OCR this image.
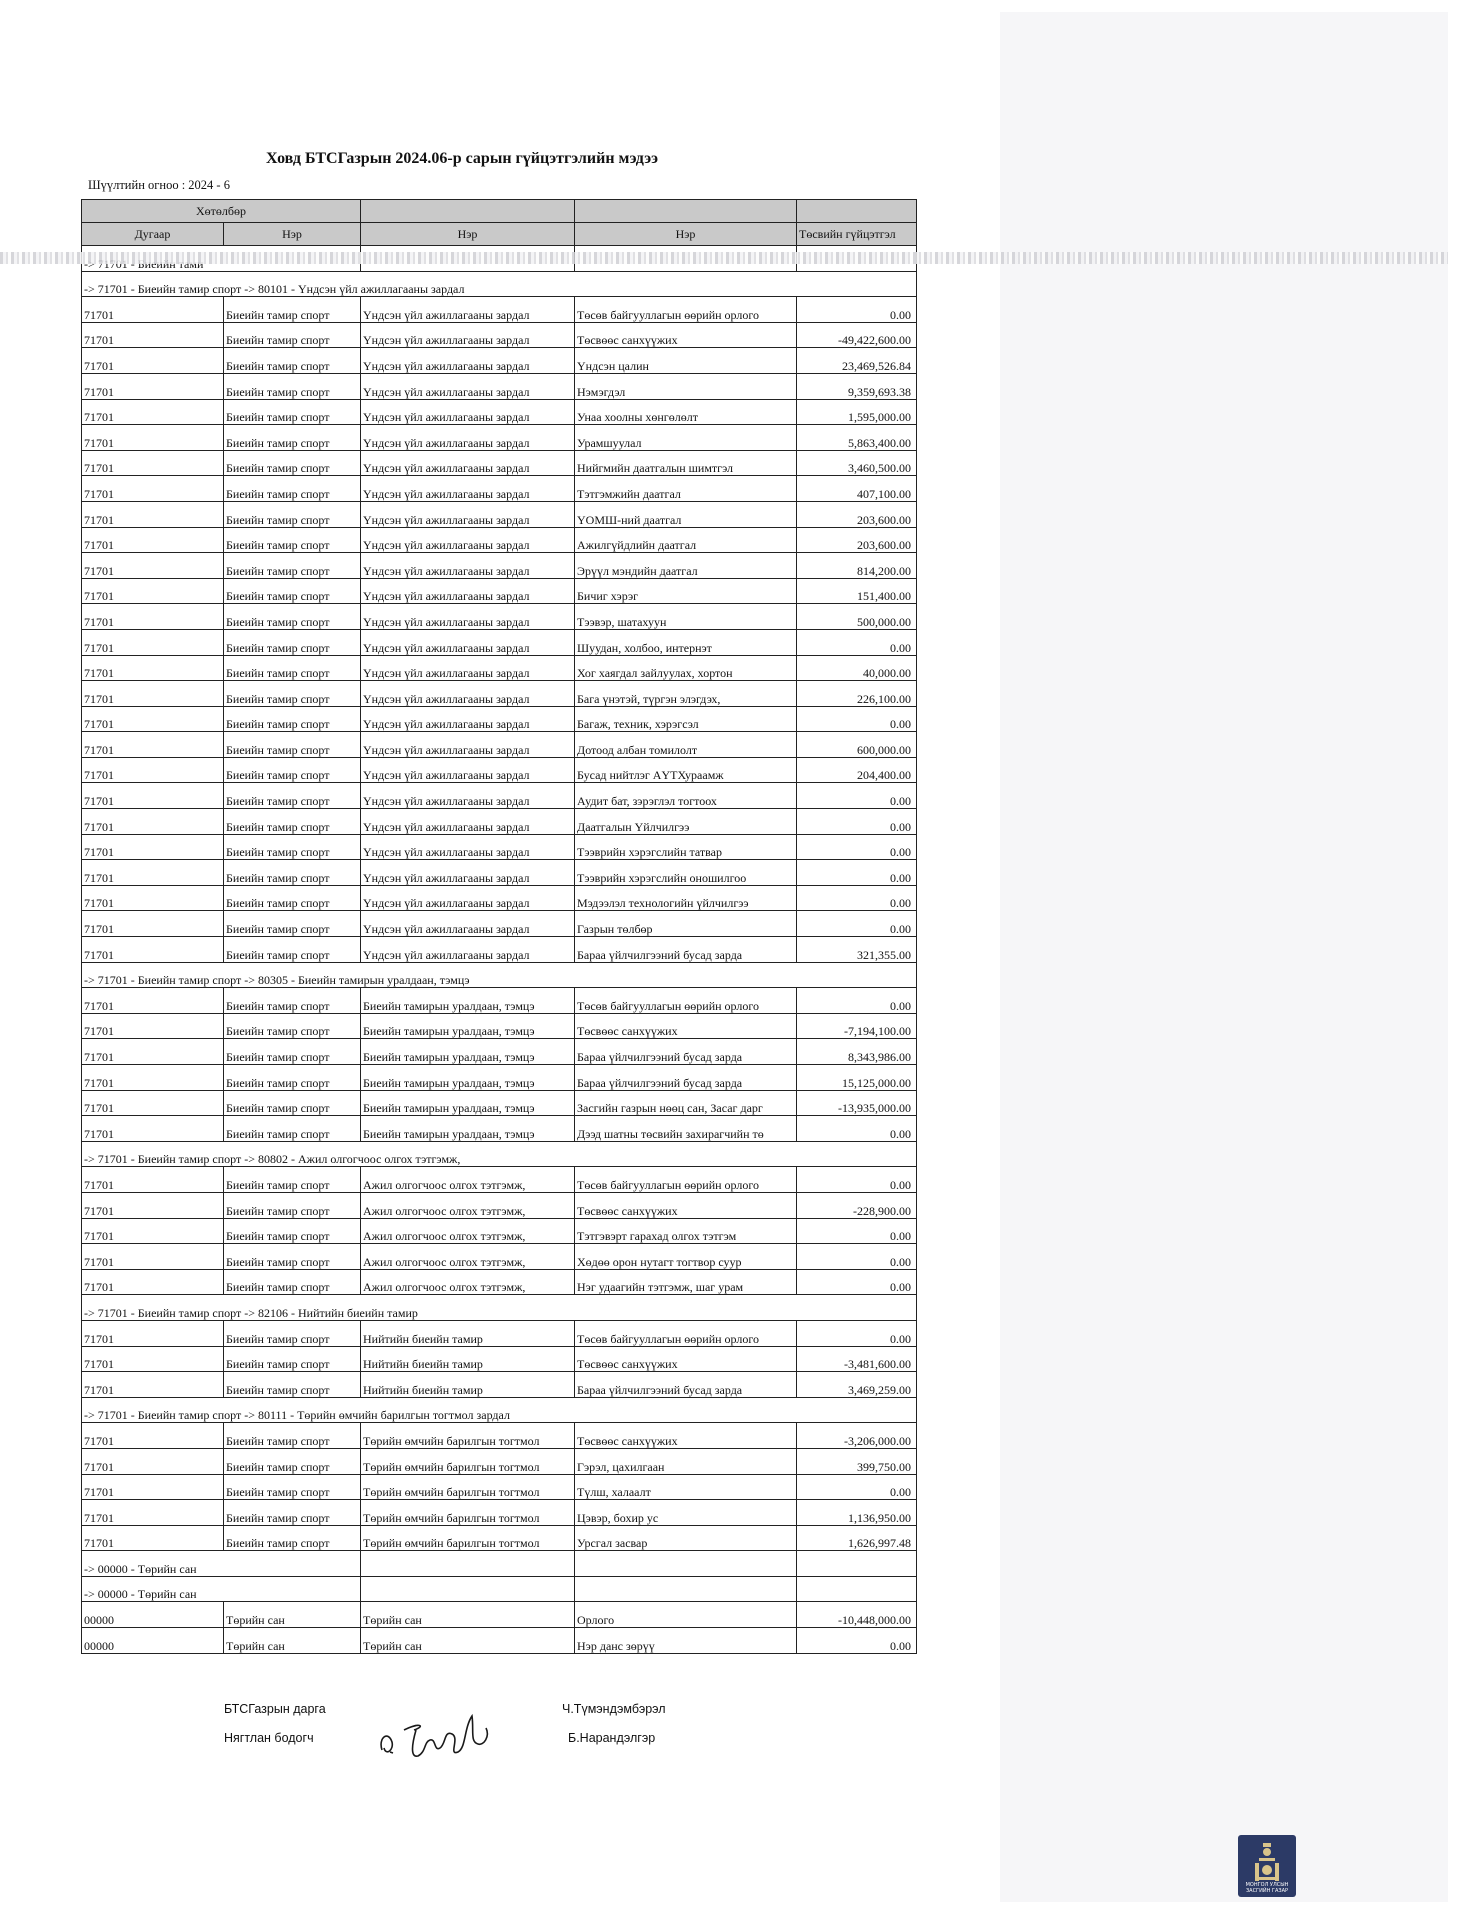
Ховд БТСГазрын 2024.06-р сарын гүйцэтгэлийн мэдээ
Шүүлтийн огноо : 2024 - 6
Хөтөлбөр				
Дугаар	Нэр	Нэр	Нэр	Төсвийн гүйцэтгэл

-> 71701 - Биеийн тамир спорт -> 80101 - Үндсэн үйл ажиллагааны зардал				
71701	Биеийн тамир спорт	Үндсэн үйл ажиллагааны зардал	Төсөв байгууллагын өөрийн орлого	0.00
71701	Биеийн тамир спорт	Үндсэн үйл ажиллагааны зардал	Төсвөөс санхүүжих	-49,422,600.00
71701	Биеийн тамир спорт	Үндсэн үйл ажиллагааны зардал	Үндсэн цалин	23,469,526.84
71701	Биеийн тамир спорт	Үндсэн үйл ажиллагааны зардал	Нэмэгдэл	9,359,693.38
71701	Биеийн тамир спорт	Үндсэн үйл ажиллагааны зардал	Унаа хоолны хөнгөлөлт	1,595,000.00
71701	Биеийн тамир спорт	Үндсэн үйл ажиллагааны зардал	Урамшуулал	5,863,400.00
71701	Биеийн тамир спорт	Үндсэн үйл ажиллагааны зардал	Нийгмийн даатгалын шимтгэл	3,460,500.00
71701	Биеийн тамир спорт	Үндсэн үйл ажиллагааны зардал	Тэтгэмжийн даатгал	407,100.00
71701	Биеийн тамир спорт	Үндсэн үйл ажиллагааны зардал	ҮОМШ-ний даатгал	203,600.00
71701	Биеийн тамир спорт	Үндсэн үйл ажиллагааны зардал	Ажилгүйдлийн даатгал	203,600.00
71701	Биеийн тамир спорт	Үндсэн үйл ажиллагааны зардал	Эрүүл мэндийн даатгал	814,200.00
71701	Биеийн тамир спорт	Үндсэн үйл ажиллагааны зардал	Бичиг хэрэг	151,400.00
71701	Биеийн тамир спорт	Үндсэн үйл ажиллагааны зардал	Тээвэр, шатахуун	500,000.00
71701	Биеийн тамир спорт	Үндсэн үйл ажиллагааны зардал	Шуудан, холбоо, интернэт	0.00
71701	Биеийн тамир спорт	Үндсэн үйл ажиллагааны зардал	Хог хаягдал зайлуулах, хортон	40,000.00
71701	Биеийн тамир спорт	Үндсэн үйл ажиллагааны зардал	Бага үнэтэй, түргэн элэгдэх,	226,100.00
71701	Биеийн тамир спорт	Үндсэн үйл ажиллагааны зардал	Багаж, техник, хэрэгсэл	0.00
71701	Биеийн тамир спорт	Үндсэн үйл ажиллагааны зардал	Дотоод албан томилолт	600,000.00
71701	Биеийн тамир спорт	Үндсэн үйл ажиллагааны зардал	Бусад нийтлэг АҮТХураамж	204,400.00
71701	Биеийн тамир спорт	Үндсэн үйл ажиллагааны зардал	Аудит бат, зэрэглэл тогтоох	0.00
71701	Биеийн тамир спорт	Үндсэн үйл ажиллагааны зардал	Даатгалын Үйлчилгээ	0.00
71701	Биеийн тамир спорт	Үндсэн үйл ажиллагааны зардал	Тээврийн хэрэгслийн татвар	0.00
71701	Биеийн тамир спорт	Үндсэн үйл ажиллагааны зардал	Тээврийн хэрэгслийн оношилгоо	0.00
71701	Биеийн тамир спорт	Үндсэн үйл ажиллагааны зардал	Мэдээлэл технологийн үйлчилгээ	0.00
71701	Биеийн тамир спорт	Үндсэн үйл ажиллагааны зардал	Газрын төлбөр	0.00
71701	Биеийн тамир спорт	Үндсэн үйл ажиллагааны зардал	Бараа үйлчилгээний бусад зарда	321,355.00
-> 71701 - Биеийн тамир спорт -> 80305 - Биеийн тамирын уралдаан, тэмцэ				
71701	Биеийн тамир спорт	Биеийн тамирын уралдаан, тэмцэ	Төсөв байгууллагын өөрийн орлого	0.00
71701	Биеийн тамир спорт	Биеийн тамирын уралдаан, тэмцэ	Төсвөөс санхүүжих	-7,194,100.00
71701	Биеийн тамир спорт	Биеийн тамирын уралдаан, тэмцэ	Бараа үйлчилгээний бусад зарда	8,343,986.00
71701	Биеийн тамир спорт	Биеийн тамирын уралдаан, тэмцэ	Бараа үйлчилгээний бусад зарда	15,125,000.00
71701	Биеийн тамир спорт	Биеийн тамирын уралдаан, тэмцэ	Засгийн газрын нөөц сан, Засаг дарг	-13,935,000.00
71701	Биеийн тамир спорт	Биеийн тамирын уралдаан, тэмцэ	Дээд шатны төсвийн захирагчийн тө	0.00
-> 71701 - Биеийн тамир спорт -> 80802 - Ажил олгогчоос олгох тэтгэмж,				
71701	Биеийн тамир спорт	Ажил олгогчоос олгох тэтгэмж,	Төсөв байгууллагын өөрийн орлого	0.00
71701	Биеийн тамир спорт	Ажил олгогчоос олгох тэтгэмж,	Төсвөөс санхүүжих	-228,900.00
71701	Биеийн тамир спорт	Ажил олгогчоос олгох тэтгэмж,	Тэтгэвэрт гарахад олгох тэтгэм	0.00
71701	Биеийн тамир спорт	Ажил олгогчоос олгох тэтгэмж,	Хөдөө орон нутагт тогтвор суур	0.00
71701	Биеийн тамир спорт	Ажил олгогчоос олгох тэтгэмж,	Нэг удаагийн тэтгэмж, шаг урам	0.00
-> 71701 - Биеийн тамир спорт -> 82106 - Нийтийн биеийн тамир				
71701	Биеийн тамир спорт	Нийтийн биеийн тамир	Төсөв байгууллагын өөрийн орлого	0.00
71701	Биеийн тамир спорт	Нийтийн биеийн тамир	Төсвөөс санхүүжих	-3,481,600.00
71701	Биеийн тамир спорт	Нийтийн биеийн тамир	Бараа үйлчилгээний бусад зарда	3,469,259.00
-> 71701 - Биеийн тамир спорт -> 80111 - Төрийн өмчийн барилгын тогтмол зардал				
71701	Биеийн тамир спорт	Төрийн өмчийн барилгын тогтмол	Төсвөөс санхүүжих	-3,206,000.00
71701	Биеийн тамир спорт	Төрийн өмчийн барилгын тогтмол	Гэрэл, цахилгаан	399,750.00
71701	Биеийн тамир спорт	Төрийн өмчийн барилгын тогтмол	Түлш, халаалт	0.00
71701	Биеийн тамир спорт	Төрийн өмчийн барилгын тогтмол	Цэвэр, бохир ус	1,136,950.00
71701	Биеийн тамир спорт	Төрийн өмчийн барилгын тогтмол	Урсгал засвар	1,626,997.48
-> 00000 - Төрийн сан				
-> 00000 - Төрийн сан				
00000	Төрийн сан	Төрийн сан	Орлого	-10,448,000.00
00000	Төрийн сан	Төрийн сан	Нэр данс зөрүү	0.00
БТСГазрын дарга
Нягтлан бодогч
Ч.Түмэндэмбэрэл
Б.Нарандэлгэр
МОНГОЛ УЛСЫН ЗАСГИЙН ГАЗАР
